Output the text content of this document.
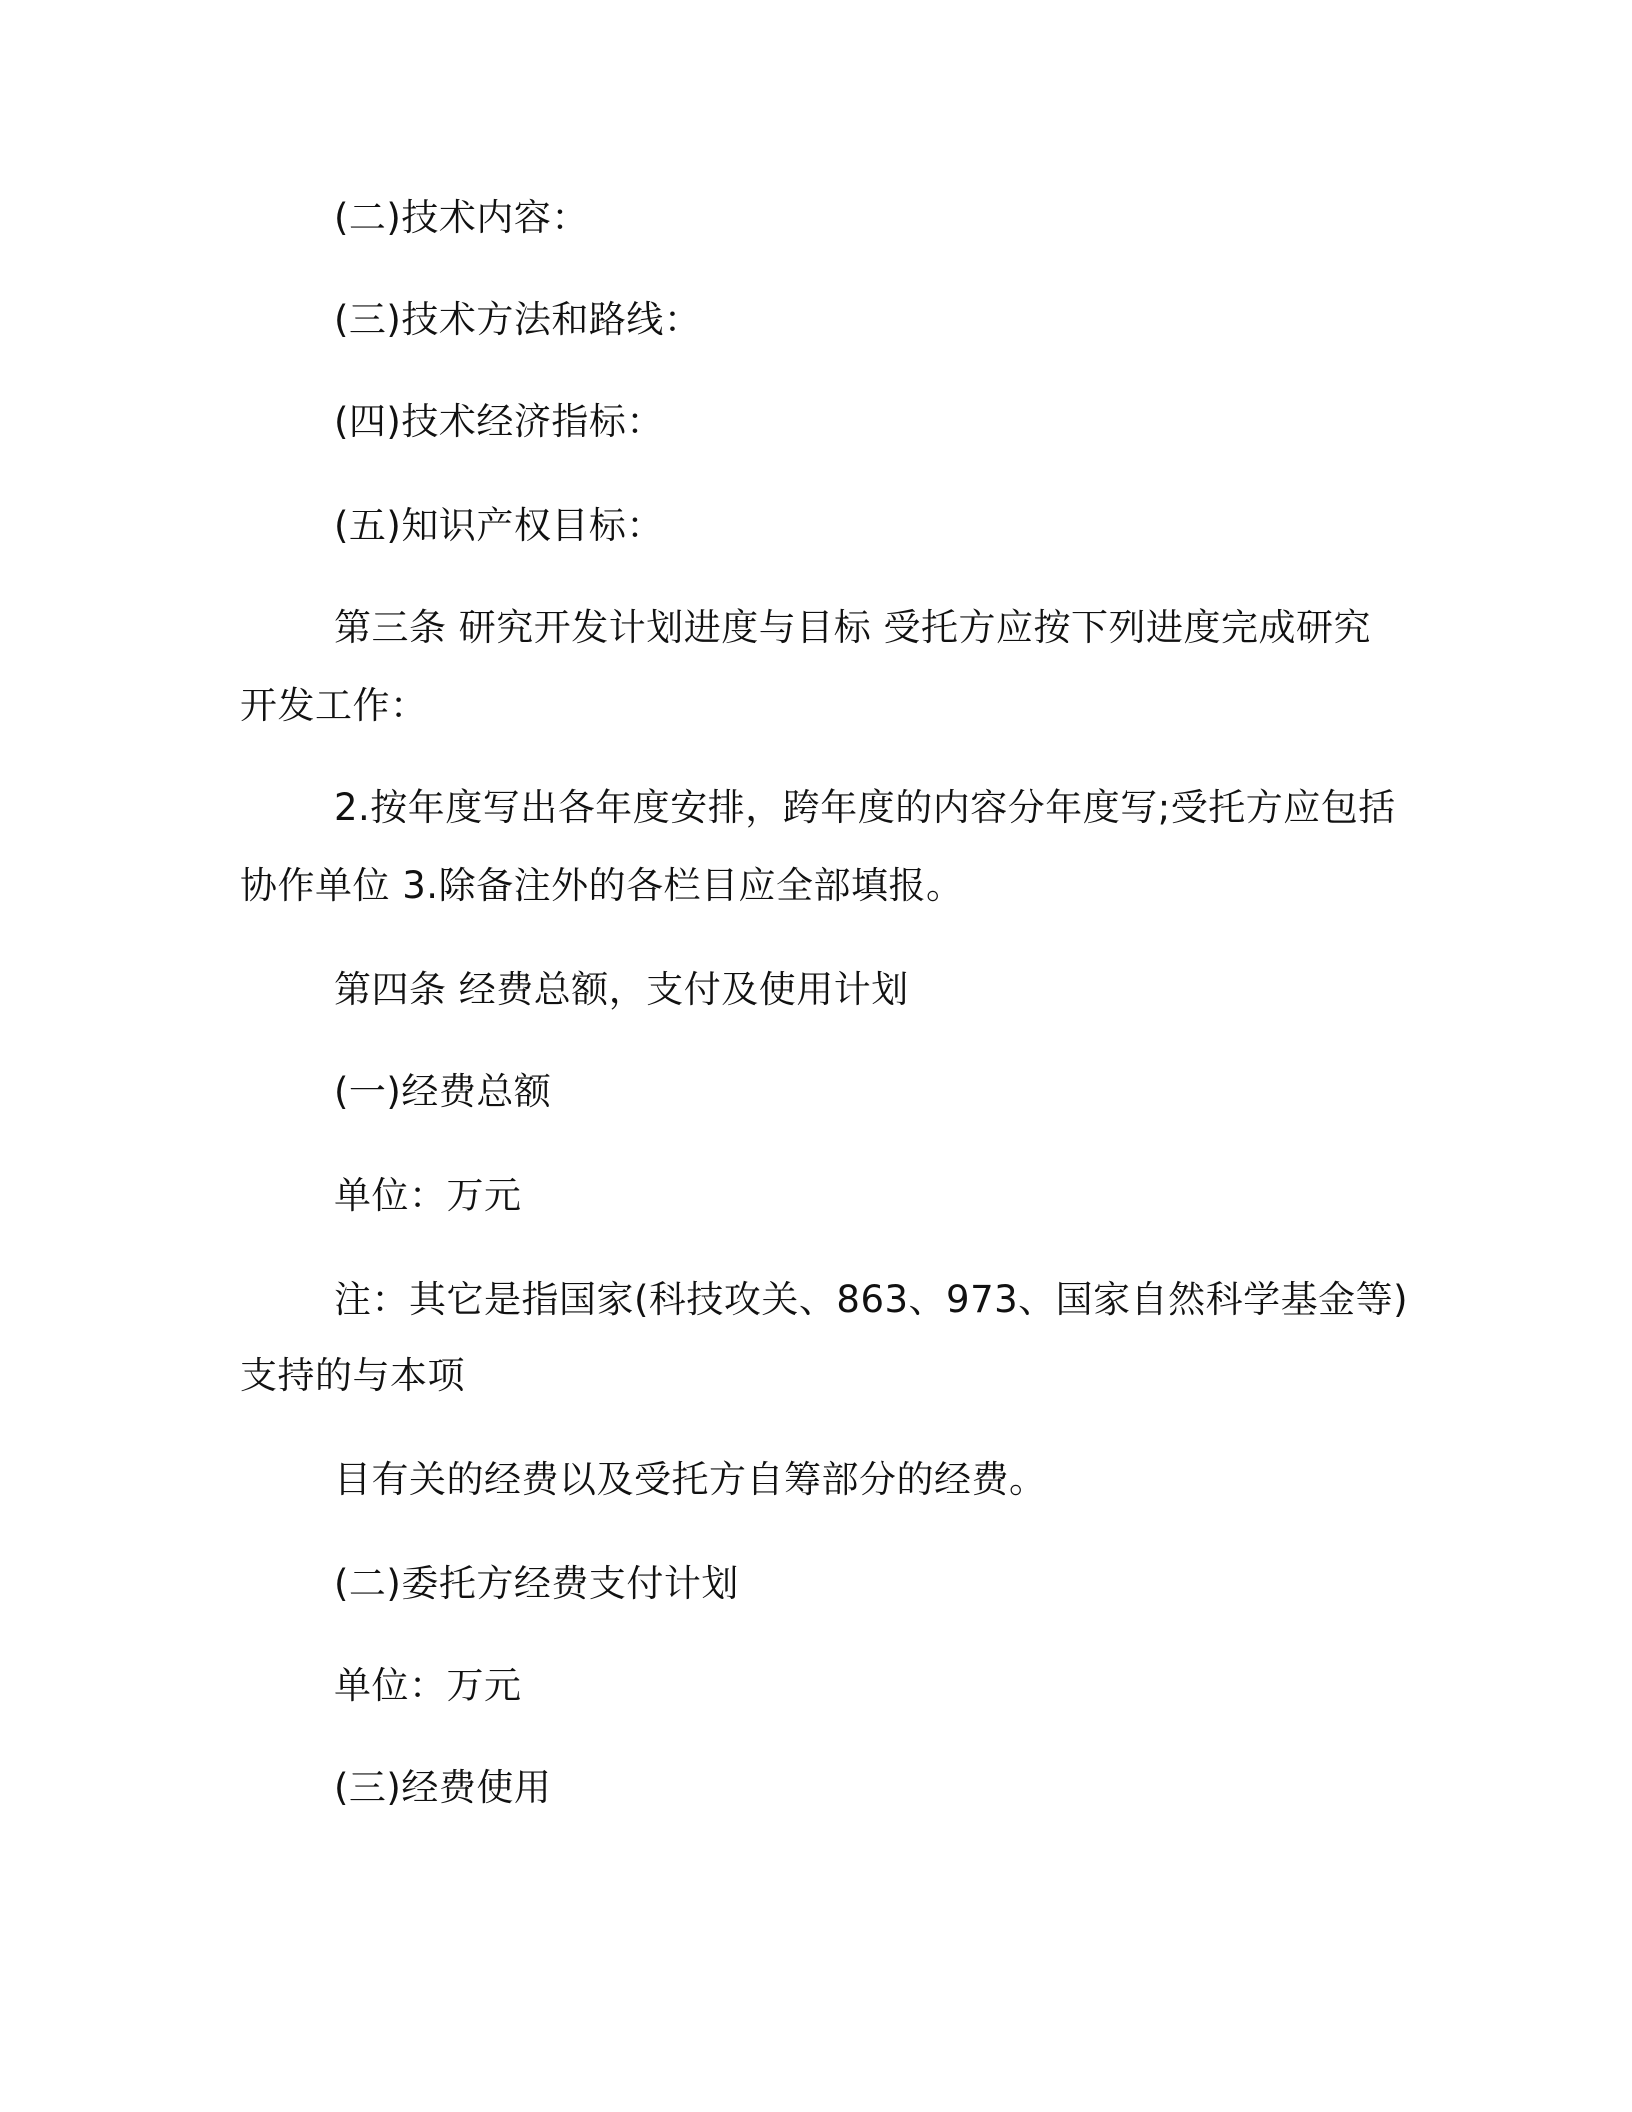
(二)技术内容：
(三)技术方法和路线：
(四)技术经济指标：
(五)知识产权目标：
第三条 研究开发计划进度与目标 受托方应按下列进度完成研究
开发工作：
2.按年度写出各年度安排，跨年度的内容分年度写;受托方应包括
协作单位 3.除备注外的各栏目应全部填报。
第四条 经费总额，支付及使用计划
(一)经费总额
单位：万元
注：其它是指国家(科技攻关、863、973、国家自然科学基金等)
支持的与本项
目有关的经费以及受托方自筹部分的经费。
(二)委托方经费支付计划
单位：万元
(三)经费使用
